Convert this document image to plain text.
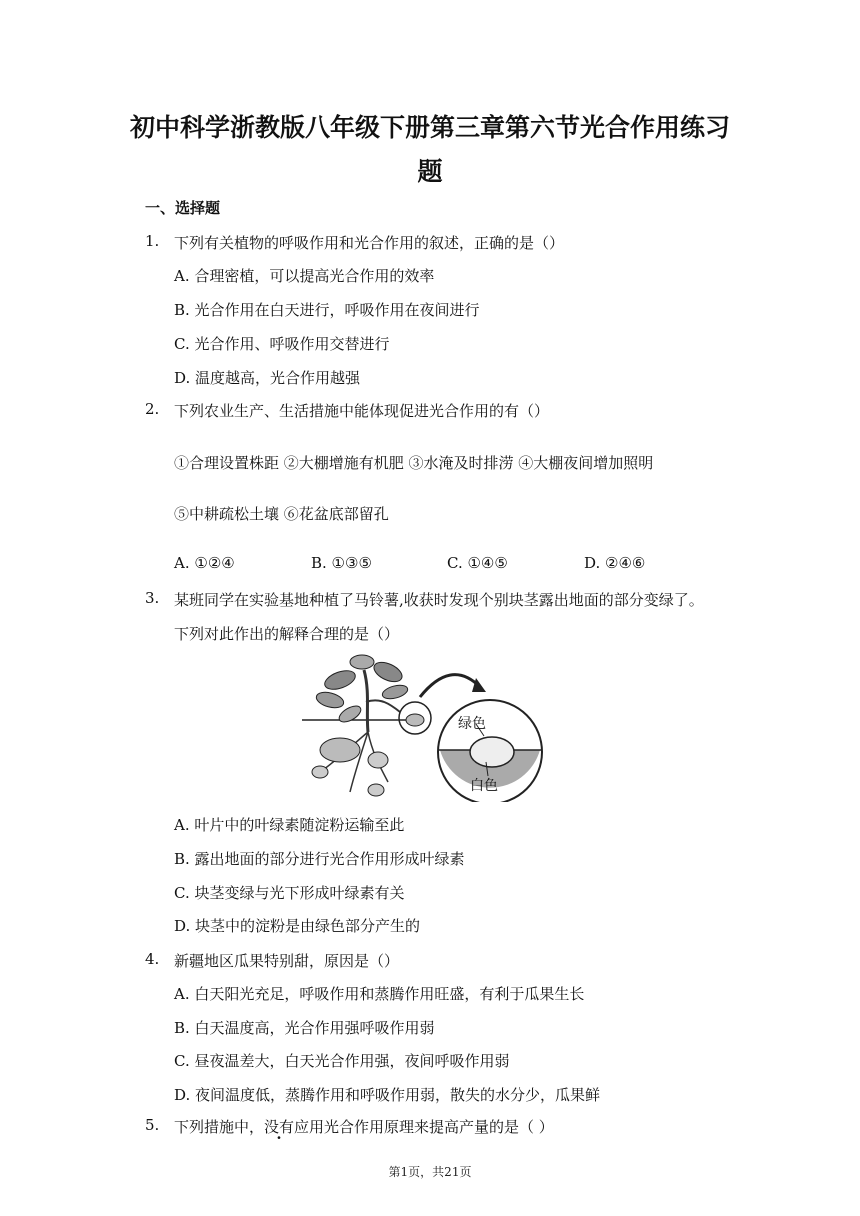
初中科学浙教版八年级下册第三章第六节光合作用练习
题
一、选择题
1. 下列有关植物的呼吸作用和光合作用的叙述，正确的是（）
A. 合理密植，可以提高光合作用的效率
B. 光合作用在白天进行，呼吸作用在夜间进行
C. 光合作用、呼吸作用交替进行
D. 温度越高，光合作用越强
2. 下列农业生产、生活措施中能体现促进光合作用的有（）
①合理设置株距 ②大棚增施有机肥 ③水淹及时排涝 ④大棚夜间增加照明
⑤中耕疏松土壤 ⑥花盆底部留孔
A. ①②④	B. ①③⑤	C. ①④⑤	D. ②④⑥
3. 某班同学在实验基地种植了马铃薯,收获时发现个别块茎露出地面的部分变绿了。
下列对此作出的解释合理的是（）
绿色
白色
A. 叶片中的叶绿素随淀粉运输至此
B. 露出地面的部分进行光合作用形成叶绿素
C. 块茎变绿与光下形成叶绿素有关
D. 块茎中的淀粉是由绿色部分产生的
4. 新疆地区瓜果特别甜，原因是（）
A. 白天阳光充足，呼吸作用和蒸腾作用旺盛，有利于瓜果生长
B. 白天温度高，光合作用强呼吸作用弱
C. 昼夜温差大，白天光合作用强，夜间呼吸作用弱
D. 夜间温度低，蒸腾作用和呼吸作用弱，散失的水分少，瓜果鲜
5. 下列措施中，没有应用光合作用原理来提高产量的是（ ）
第1页，共21页
